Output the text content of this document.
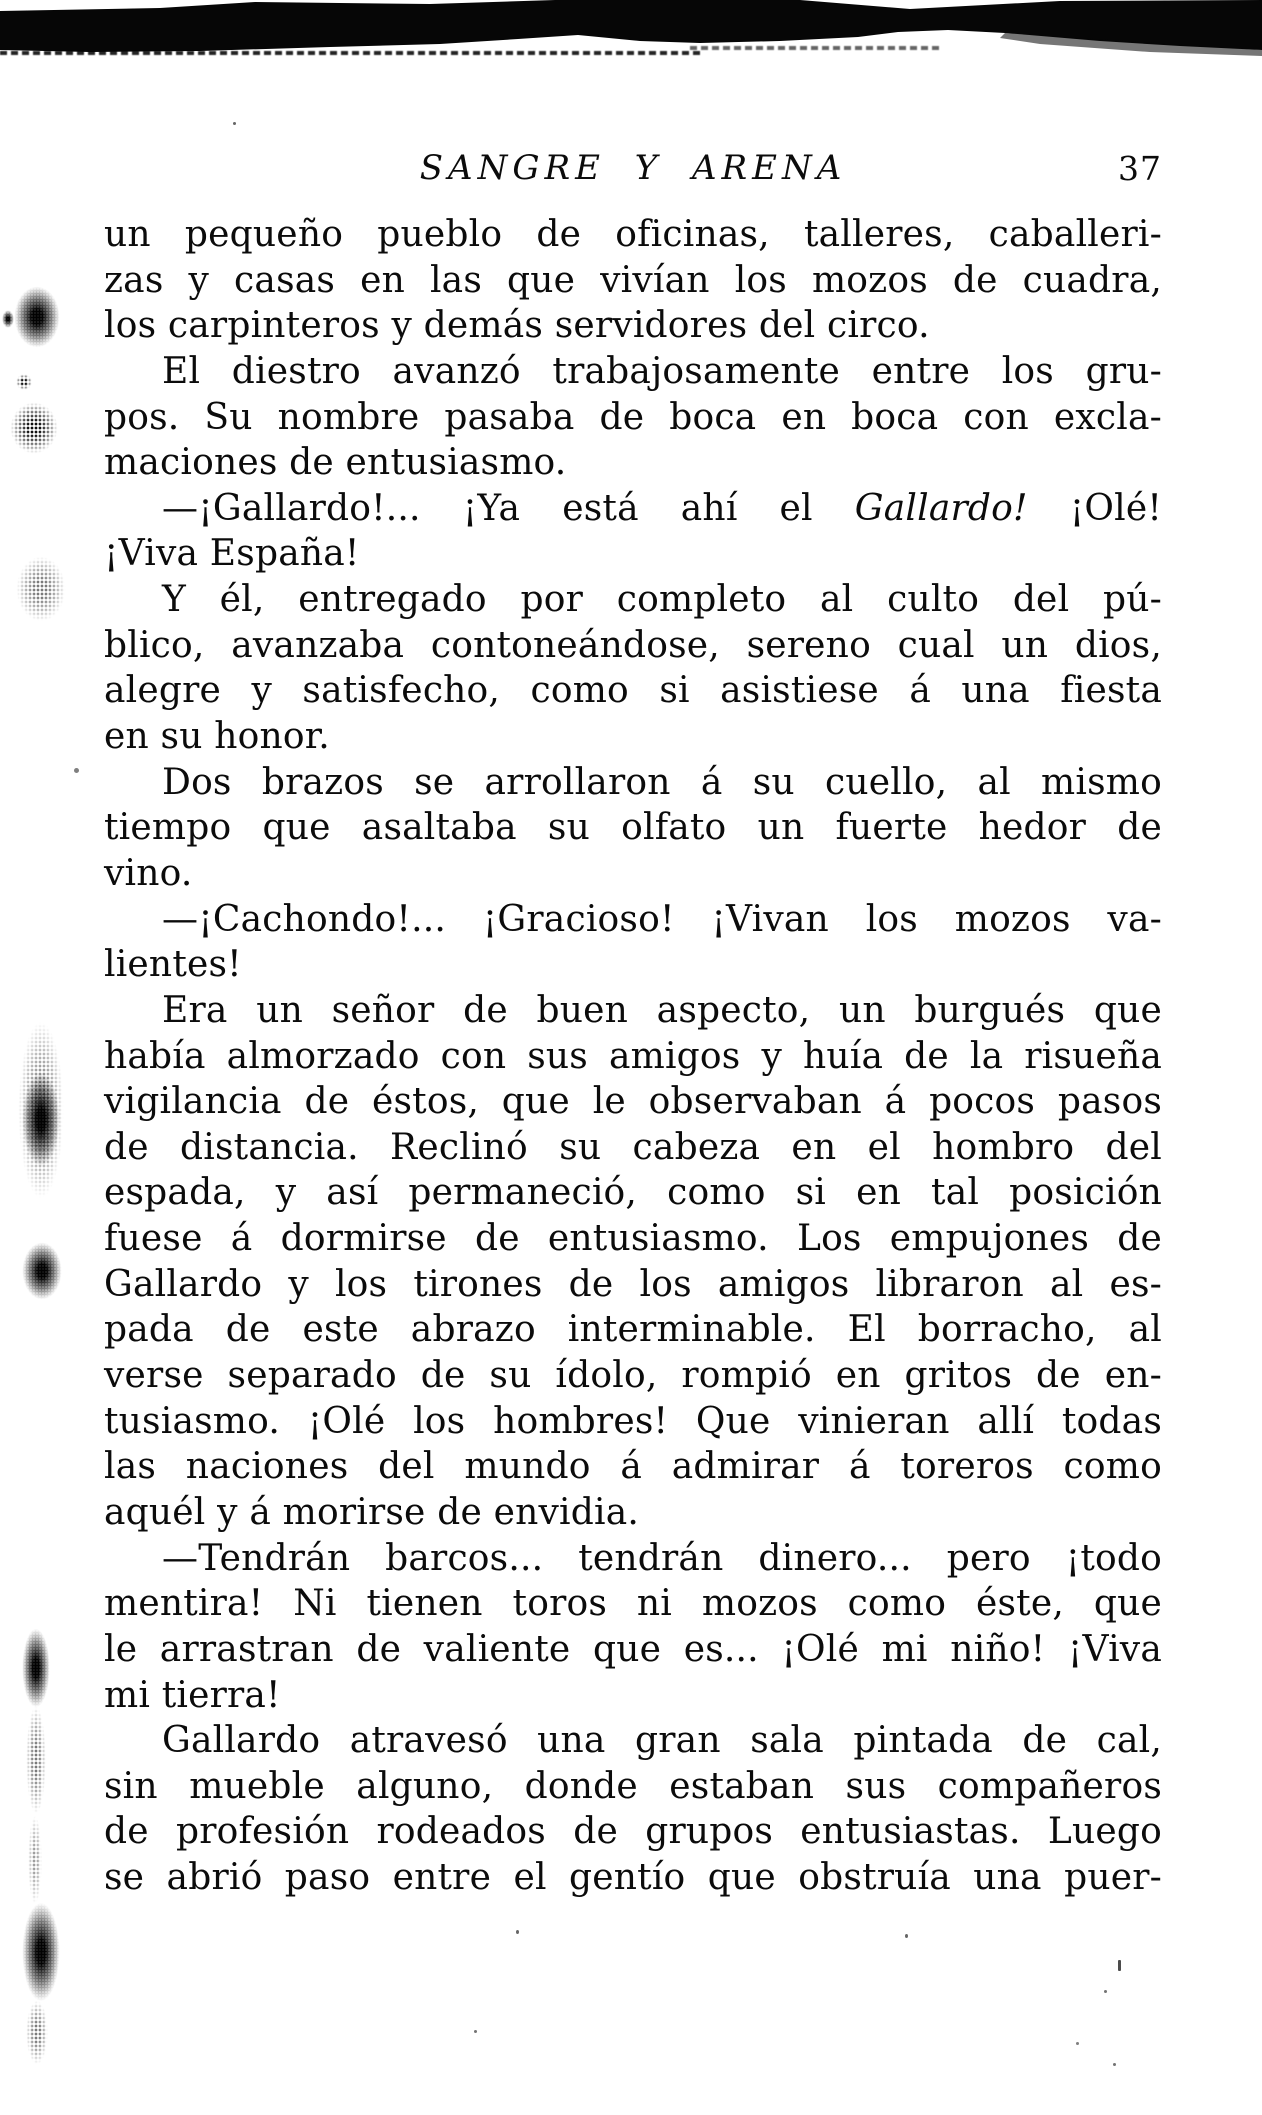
SANGRE Y ARENA	37
un pequeño pueblo de oficinas, talleres, caballeri-
zas y casas en las que vivían los mozos de cuadra,
los carpinteros y demás servidores del circo.
El diestro avanzó trabajosamente entre los gru-
pos. Su nombre pasaba de boca en boca con excla-
maciones de entusiasmo.
—¡Gallardo!... ¡Ya está ahí el Gallardo! ¡Olé!
¡Viva España!
Y él, entregado por completo al culto del pú-
blico, avanzaba contoneándose, sereno cual un dios,
alegre y satisfecho, como si asistiese á una fiesta
en su honor.
Dos brazos se arrollaron á su cuello, al mismo
tiempo que asaltaba su olfato un fuerte hedor de
vino.
—¡Cachondo!... ¡Gracioso! ¡Vivan los mozos va-
lientes!
Era un señor de buen aspecto, un burgués que
había almorzado con sus amigos y huía de la risueña
vigilancia de éstos, que le observaban á pocos pasos
de distancia. Reclinó su cabeza en el hombro del
espada, y así permaneció, como si en tal posición
fuese á dormirse de entusiasmo. Los empujones de
Gallardo y los tirones de los amigos libraron al es-
pada de este abrazo interminable. El borracho, al
verse separado de su ídolo, rompió en gritos de en-
tusiasmo. ¡Olé los hombres! Que vinieran allí todas
las naciones del mundo á admirar á toreros como
aquél y á morirse de envidia.
—Tendrán barcos... tendrán dinero... pero ¡todo
mentira! Ni tienen toros ni mozos como éste, que
le arrastran de valiente que es... ¡Olé mi niño! ¡Viva
mi tierra!
Gallardo atravesó una gran sala pintada de cal,
sin mueble alguno, donde estaban sus compañeros
de profesión rodeados de grupos entusiastas. Luego
se abrió paso entre el gentío que obstruía una puer-
